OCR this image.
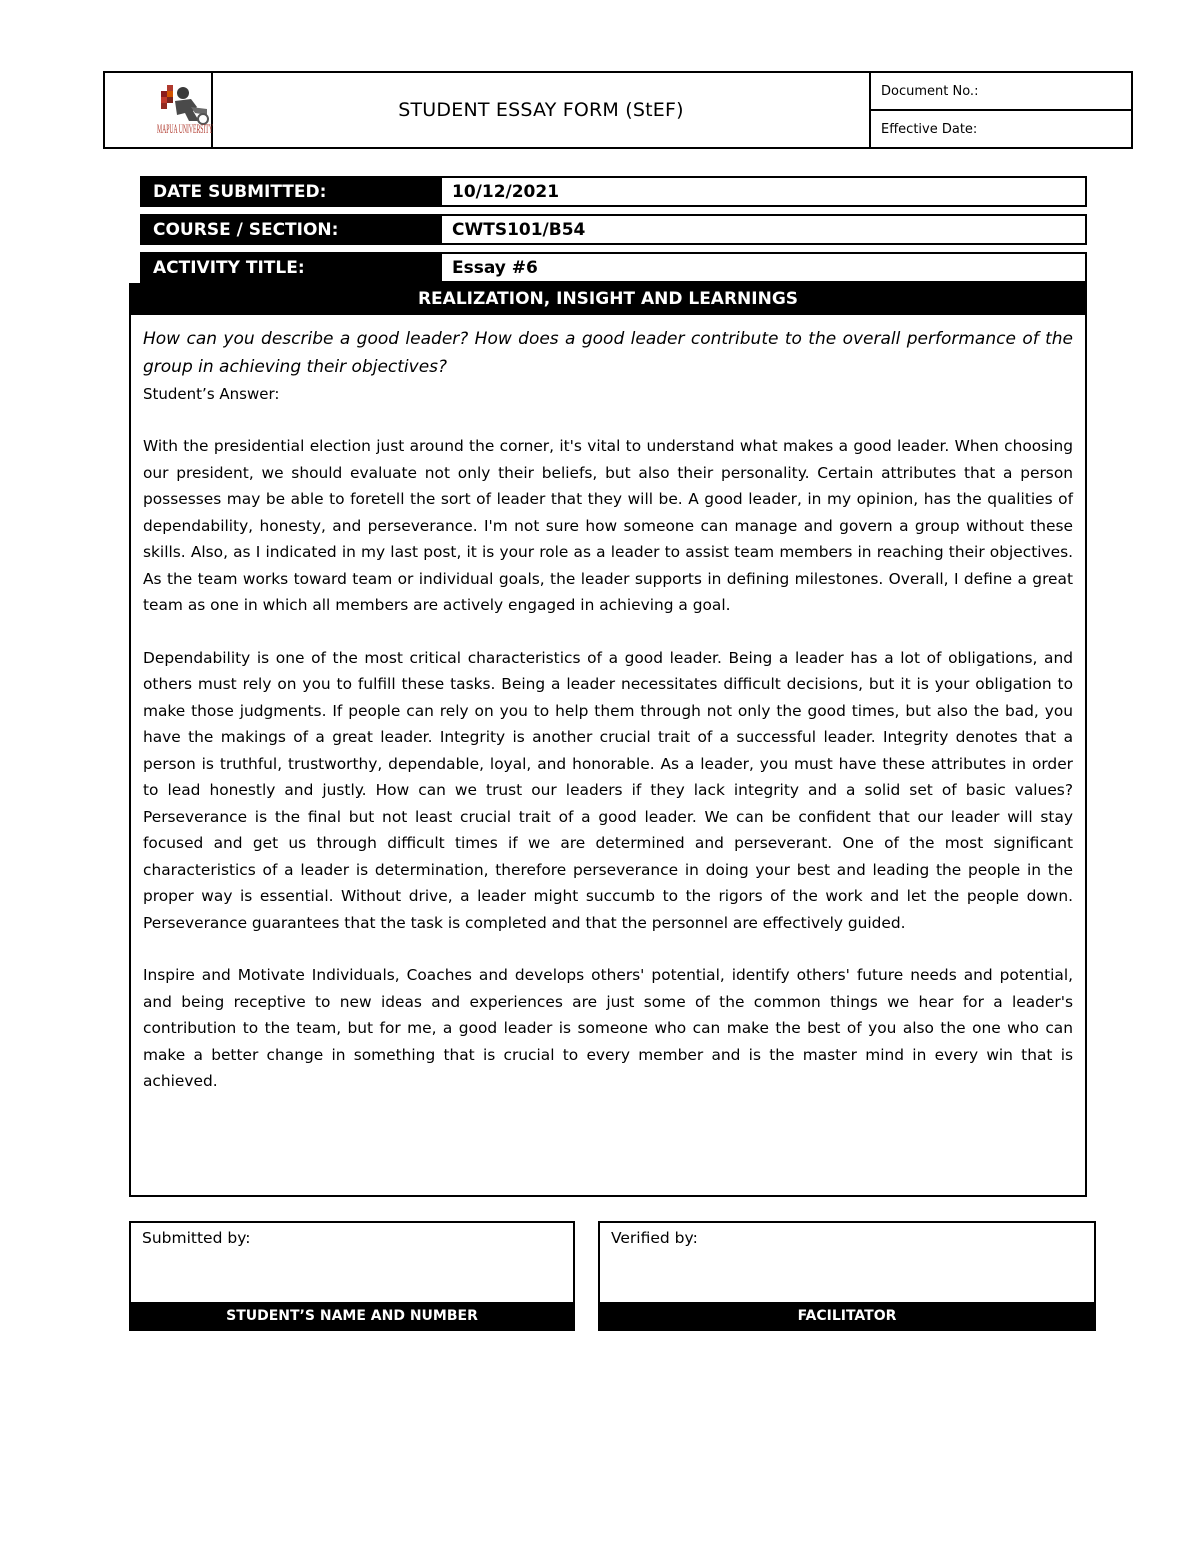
MAPUA UNIVERSITY
STUDENT ESSAY FORM (StEF)
Document No.:
Effective Date:
DATE SUBMITTED:	10/12/2021
COURSE / SECTION:	CWTS101/B54
ACTIVITY TITLE:	Essay #6
REALIZATION, INSIGHT AND LEARNINGS

How can you describe a good leader? How does a good leader contribute to the overall performance of the group in achieving their objectives?

Student’s Answer:

With the presidential election just around the corner, it's vital to understand what makes a good leader. When choosing our president, we should evaluate not only their beliefs, but also their personality. Certain attributes that a person possesses may be able to foretell the sort of leader that they will be. A good leader, in my opinion, has the qualities of dependability, honesty, and perseverance. I'm not sure how someone can manage and govern a group without these skills. Also, as I indicated in my last post, it is your role as a leader to assist team members in reaching their objectives. As the team works toward team or individual goals, the leader supports in defining milestones. Overall, I define a great team as one in which all members are actively engaged in achieving a goal.

Dependability is one of the most critical characteristics of a good leader. Being a leader has a lot of obligations, and others must rely on you to fulfill these tasks. Being a leader necessitates difficult decisions, but it is your obligation to make those judgments. If people can rely on you to help them through not only the good times, but also the bad, you have the makings of a great leader. Integrity is another crucial trait of a successful leader. Integrity denotes that a person is truthful, trustworthy, dependable, loyal, and honorable. As a leader, you must have these attributes in order to lead honestly and justly. How can we trust our leaders if they lack integrity and a solid set of basic values? Perseverance is the final but not least crucial trait of a good leader. We can be confident that our leader will stay focused and get us through difficult times if we are determined and perseverant. One of the most significant characteristics of a leader is determination, therefore perseverance in doing your best and leading the people in the proper way is essential. Without drive, a leader might succumb to the rigors of the work and let the people down. Perseverance guarantees that the task is completed and that the personnel are effectively guided.

Inspire and Motivate Individuals, Coaches and develops others' potential, identify others' future needs and potential, and being receptive to new ideas and experiences are just some of the common things we hear for a leader's contribution to the team, but for me, a good leader is someone who can make the best of you also the one who can make a better change in something that is crucial to every member and is the master mind in every win that is achieved.

Submitted by:
STUDENT’S NAME AND NUMBER
Verified by:
FACILITATOR
